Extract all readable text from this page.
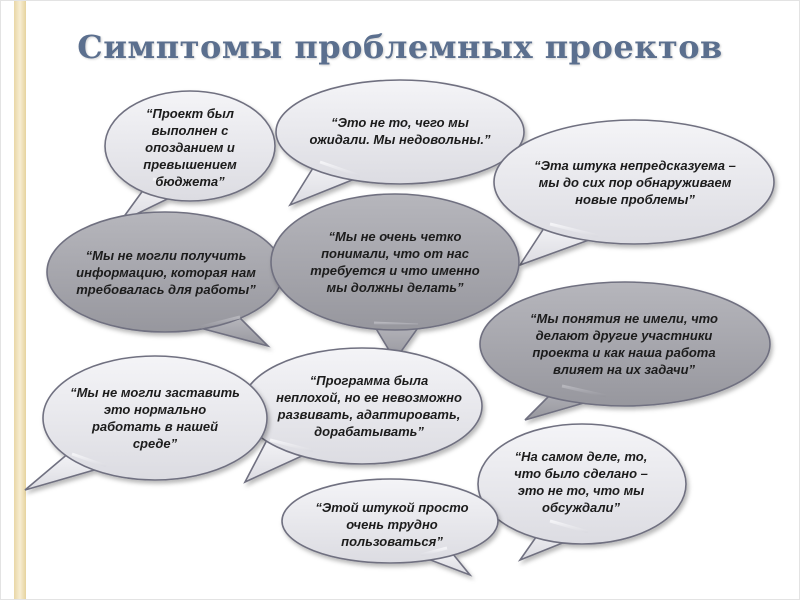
Симптомы проблемных проектов
“Проект был выполнен с опозданием и превышением бюджета”
“Это не то, чего мы ожидали. Мы недовольны.”
“Эта штука непредсказуема – мы до сих пор обнаруживаем новые проблемы”
“Мы не могли получить информацию, которая нам требовалась для работы”
“Мы не очень четко понимали, что от нас требуется и что именно мы должны делать”
“Мы понятия не имели, что делают другие участники проекта и как наша работа влияет на их задачи”
“Мы не могли заставить это нормально работать в нашей среде”
“Программа была неплохой, но ее невозможно развивать, адаптировать, дорабатывать”
“На самом деле, то, что было сделано – это не то, что мы обсуждали”
“Этой штукой просто очень трудно пользоваться”
